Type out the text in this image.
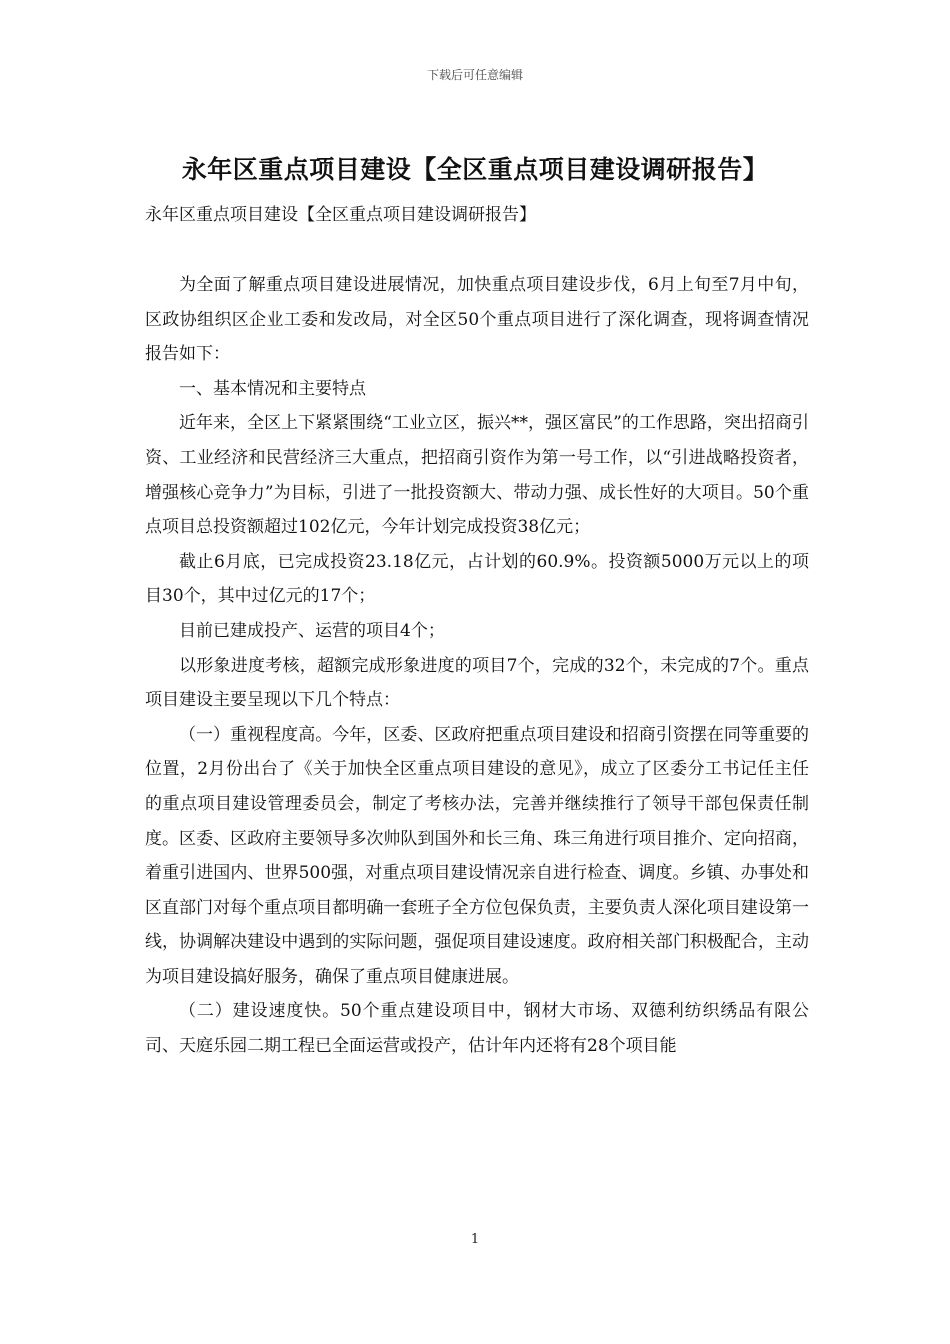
下载后可任意编辑
永年区重点项目建设【全区重点项目建设调研报告】

永年区重点项目建设【全区重点项目建设调研报告】

为全面了解重点项目建设进展情况，加快重点项目建设步伐，6月上旬至7月中旬，区政协组织区企业工委和发改局，对全区50个重点项目进行了深化调查，现将调查情况报告如下：

一、基本情况和主要特点

近年来，全区上下紧紧围绕“工业立区，振兴**，强区富民”的工作思路，突出招商引资、工业经济和民营经济三大重点，把招商引资作为第一号工作，以“引进战略投资者，增强核心竞争力”为目标，引进了一批投资额大、带动力强、成长性好的大项目。50个重点项目总投资额超过102亿元，今年计划完成投资38亿元；

截止6月底，已完成投资23.18亿元，占计划的60.9%。投资额5000万元以上的项目30个，其中过亿元的17个；

目前已建成投产、运营的项目4个；

以形象进度考核，超额完成形象进度的项目7个，完成的32个，未完成的7个。重点项目建设主要呈现以下几个特点：

（一）重视程度高。今年，区委、区政府把重点项目建设和招商引资摆在同等重要的位置，2月份出台了《关于加快全区重点项目建设的意见》，成立了区委分工书记任主任的重点项目建设管理委员会，制定了考核办法，完善并继续推行了领导干部包保责任制度。区委、区政府主要领导多次帅队到国外和长三角、珠三角进行项目推介、定向招商，着重引进国内、世界500强，对重点项目建设情况亲自进行检查、调度。乡镇、办事处和区直部门对每个重点项目都明确一套班子全方位包保负责，主要负责人深化项目建设第一线，协调解决建设中遇到的实际问题，强促项目建设速度。政府相关部门积极配合，主动为项目建设搞好服务，确保了重点项目健康进展。

（二）建设速度快。50个重点建设项目中，钢材大市场、双德利纺织绣品有限公司、天庭乐园二期工程已全面运营或投产，估计年内还将有28个项目能

1
